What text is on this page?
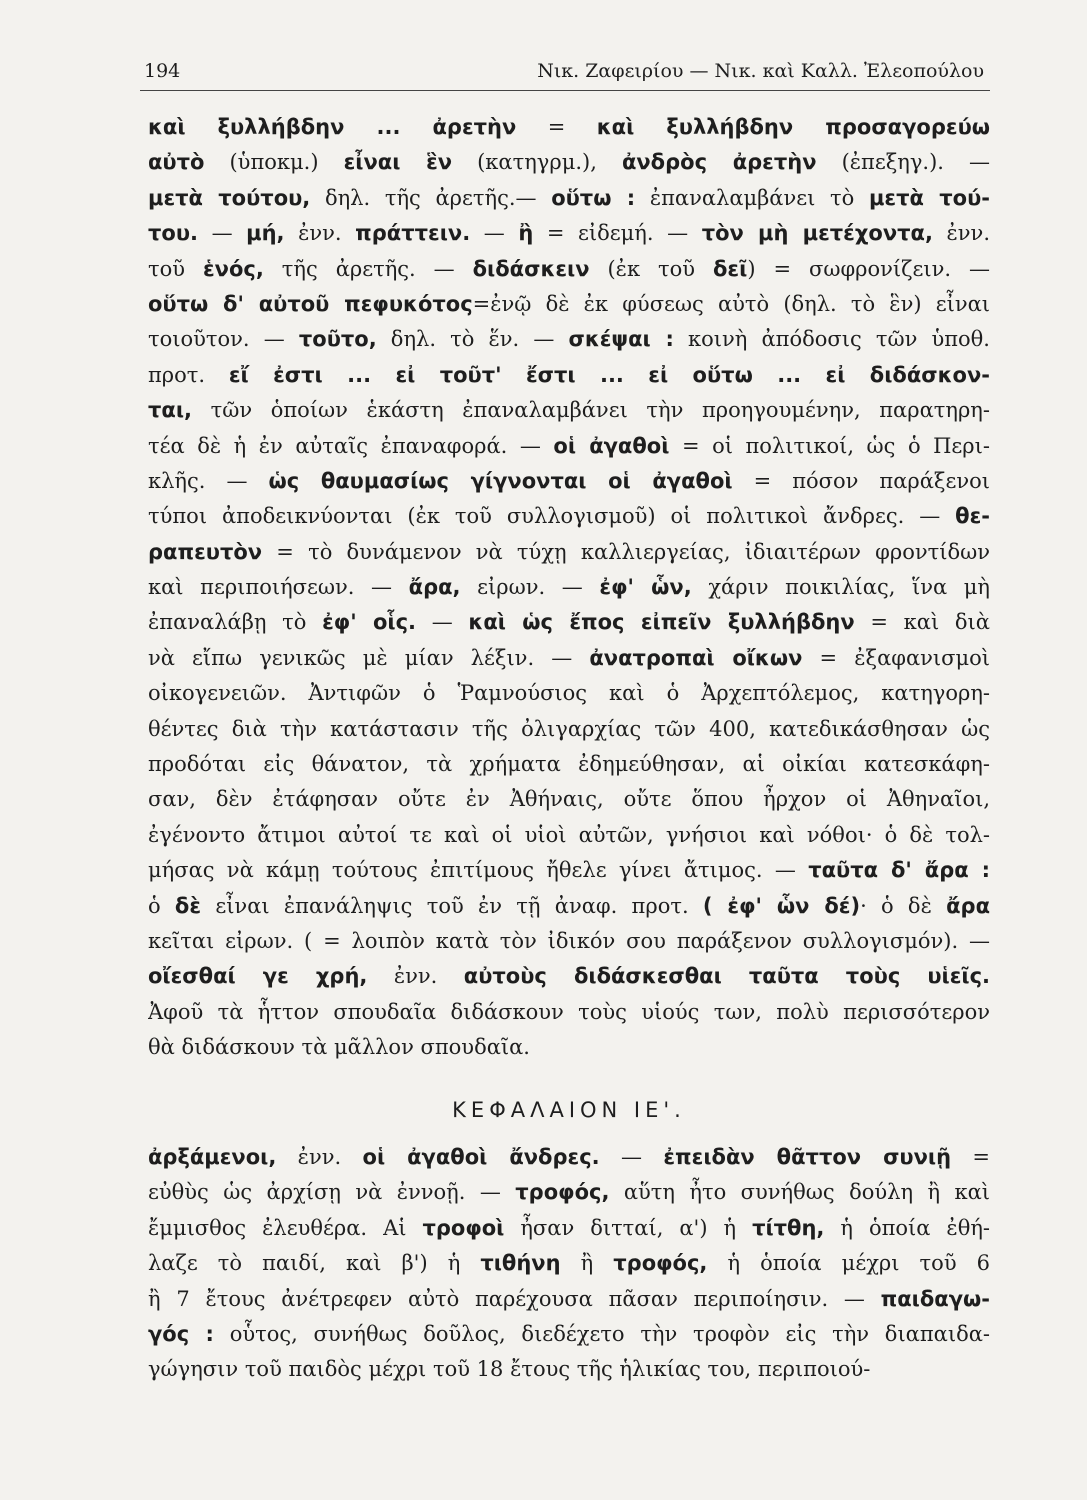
194	Νικ. Ζαφειρίου — Νικ. καὶ Καλλ. Ἐλεοπούλου
καὶ ξυλλήβδην ... ἀρετὴν = καὶ ξυλλήβδην προσαγορεύω
αὐτὸ (ὑποκμ.) εἶναι ἓν (κατηγρμ.), ἀνδρὸς ἀρετὴν (ἐπεξηγ.). —
μετὰ τούτου, δηλ. τῆς ἀρετῆς.— οὕτω : ἐπαναλαμβάνει τὸ μετὰ τού-
του. — μή, ἐνν. πράττειν. — ἢ = εἰδεμή. — τὸν μὴ μετέχοντα, ἐνν.
τοῦ ἑνός, τῆς ἀρετῆς. — διδάσκειν (ἐκ τοῦ δεῖ) = σωφρονίζειν. —
οὕτω δ' αὐτοῦ πεφυκότος=ἐνῷ δὲ ἐκ φύσεως αὐτὸ (δηλ. τὸ ἓν) εἶναι
τοιοῦτον. — τοῦτο, δηλ. τὸ ἕν. — σκέψαι : κοινὴ ἀπόδοσις τῶν ὑποθ.
προτ. εἴ ἐστι ... εἰ τοῦτ' ἔστι ... εἰ οὕτω ... εἰ διδάσκον-
ται, τῶν ὁποίων ἑκάστη ἐπαναλαμβάνει τὴν προηγουμένην, παρατηρη-
τέα δὲ ἡ ἐν αὐταῖς ἐπαναφορά. — οἱ ἀγαθοὶ = οἱ πολιτικοί, ὡς ὁ Περι-
κλῆς. — ὡς θαυμασίως γίγνονται οἱ ἀγαθοὶ = πόσον παράξενοι
τύποι ἀποδεικνύονται (ἐκ τοῦ συλλογισμοῦ) οἱ πολιτικοὶ ἄνδρες. — θε-
ραπευτὸν = τὸ δυνάμενον νὰ τύχῃ καλλιεργείας, ἰδιαιτέρων φροντίδων
καὶ περιποιήσεων. — ἄρα, εἰρων. — ἐφ' ὧν, χάριν ποικιλίας, ἵνα μὴ
ἐπαναλάβῃ τὸ ἐφ' οἷς. — καὶ ὡς ἔπος εἰπεῖν ξυλλήβδην = καὶ διὰ
νὰ εἴπω γενικῶς μὲ μίαν λέξιν. — ἀνατροπαὶ οἴκων = ἐξαφανισμοὶ
οἰκογενειῶν. Ἀντιφῶν ὁ Ῥαμνούσιος καὶ ὁ Ἀρχεπτόλεμος, κατηγορη-
θέντες διὰ τὴν κατάστασιν τῆς ὀλιγαρχίας τῶν 400, κατεδικάσθησαν ὡς
προδόται εἰς θάνατον, τὰ χρήματα ἐδημεύθησαν, αἱ οἰκίαι κατεσκάφη-
σαν, δὲν ἐτάφησαν οὔτε ἐν Ἀθήναις, οὔτε ὅπου ἦρχον οἱ Ἀθηναῖοι,
ἐγένοντο ἄτιμοι αὐτοί τε καὶ οἱ υἱοὶ αὐτῶν, γνήσιοι καὶ νόθοι· ὁ δὲ τολ-
μήσας νὰ κάμῃ τούτους ἐπιτίμους ἤθελε γίνει ἄτιμος. — ταῦτα δ' ἄρα :
ὁ δὲ εἶναι ἐπανάληψις τοῦ ἐν τῇ ἀναφ. προτ. ( ἐφ' ὧν δέ)· ὁ δὲ ἄρα
κεῖται εἰρων. ( = λοιπὸν κατὰ τὸν ἰδικόν σου παράξενον συλλογισμόν). —
οἴεσθαί γε χρή, ἐνν. αὐτοὺς διδάσκεσθαι ταῦτα τοὺς υἱεῖς.
Ἀφοῦ τὰ ἧττον σπουδαῖα διδάσκουν τοὺς υἱούς των, πολὺ περισσότερον
θὰ διδάσκουν τὰ μᾶλλον σπουδαῖα.
ΚΕΦΑΛΑΙΟΝ ΙΕ'.
ἀρξάμενοι, ἐνν. οἱ ἀγαθοὶ ἄνδρες. — ἐπειδὰν θᾶττον συνιῇ =
εὐθὺς ὡς ἀρχίσῃ νὰ ἐννοῇ. — τροφός, αὕτη ἦτο συνήθως δούλη ἢ καὶ
ἔμμισθος ἐλευθέρα. Αἱ τροφοὶ ἦσαν διτταί, α') ἡ τίτθη, ἡ ὁποία ἐθή-
λαζε τὸ παιδί, καὶ β') ἡ τιθήνη ἢ τροφός, ἡ ὁποία μέχρι τοῦ 6
ἢ 7 ἔτους ἀνέτρεφεν αὐτὸ παρέχουσα πᾶσαν περιποίησιν. — παιδαγω-
γός : οὗτος, συνήθως δοῦλος, διεδέχετο τὴν τροφὸν εἰς τὴν διαπαιδα-
γώγησιν τοῦ παιδὸς μέχρι τοῦ 18 ἔτους τῆς ἡλικίας του, περιποιού-
